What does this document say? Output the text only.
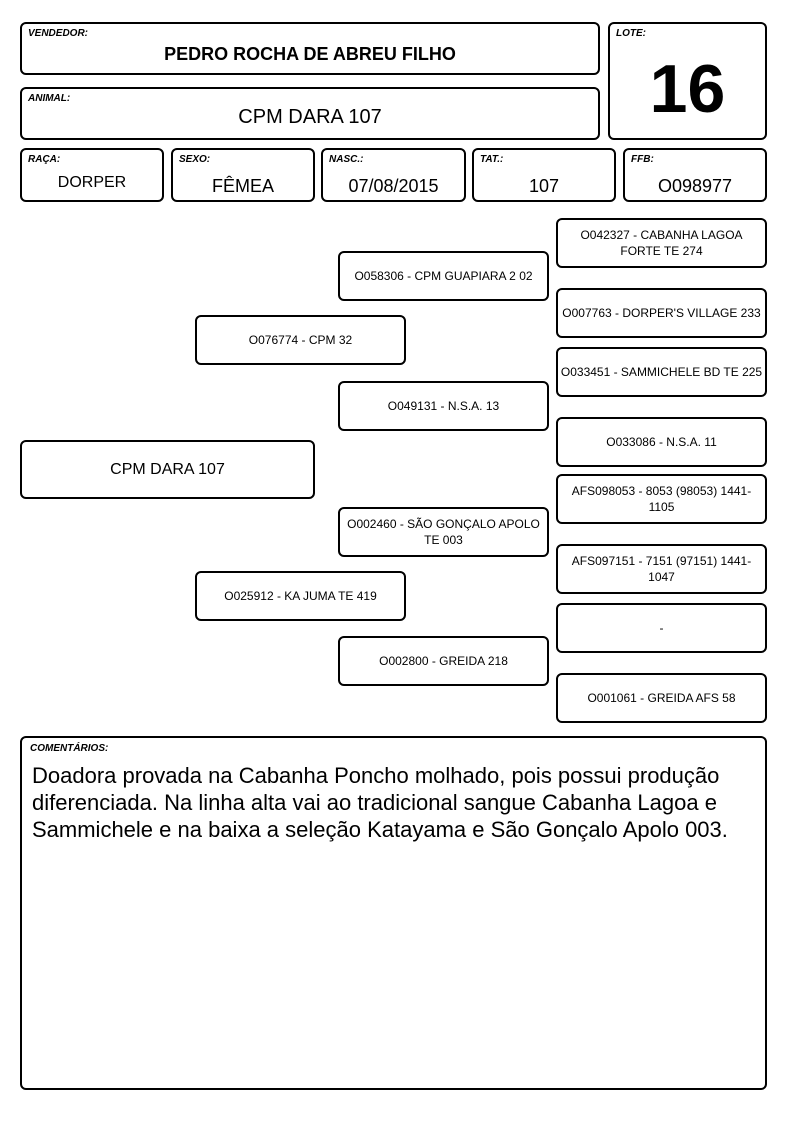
VENDEDOR:
PEDRO ROCHA DE ABREU FILHO
LOTE:
16
ANIMAL:
CPM DARA 107
RAÇA:
DORPER
SEXO:
FÊMEA
NASC.:
07/08/2015
TAT.:
107
FFB:
O098977
CPM DARA 107
O076774 - CPM 32
O025912 - KA JUMA TE 419
O058306 - CPM GUAPIARA 2 02
O049131 - N.S.A. 13
O002460 - SÃO GONÇALO APOLO TE 003
O002800 - GREIDA 218
O042327 - CABANHA LAGOA FORTE TE 274
O007763 - DORPER'S VILLAGE 233
O033451 - SAMMICHELE BD TE 225
O033086 - N.S.A. 11
AFS098053 - 8053 (98053) 1441-1105
AFS097151 - 7151 (97151) 1441-1047
-
O001061 - GREIDA AFS 58
COMENTÁRIOS:
Doadora provada na Cabanha Poncho molhado, pois possui produção diferenciada. Na linha alta vai ao tradicional sangue Cabanha Lagoa e Sammichele e na baixa a seleção Katayama e São Gonçalo Apolo 003.
